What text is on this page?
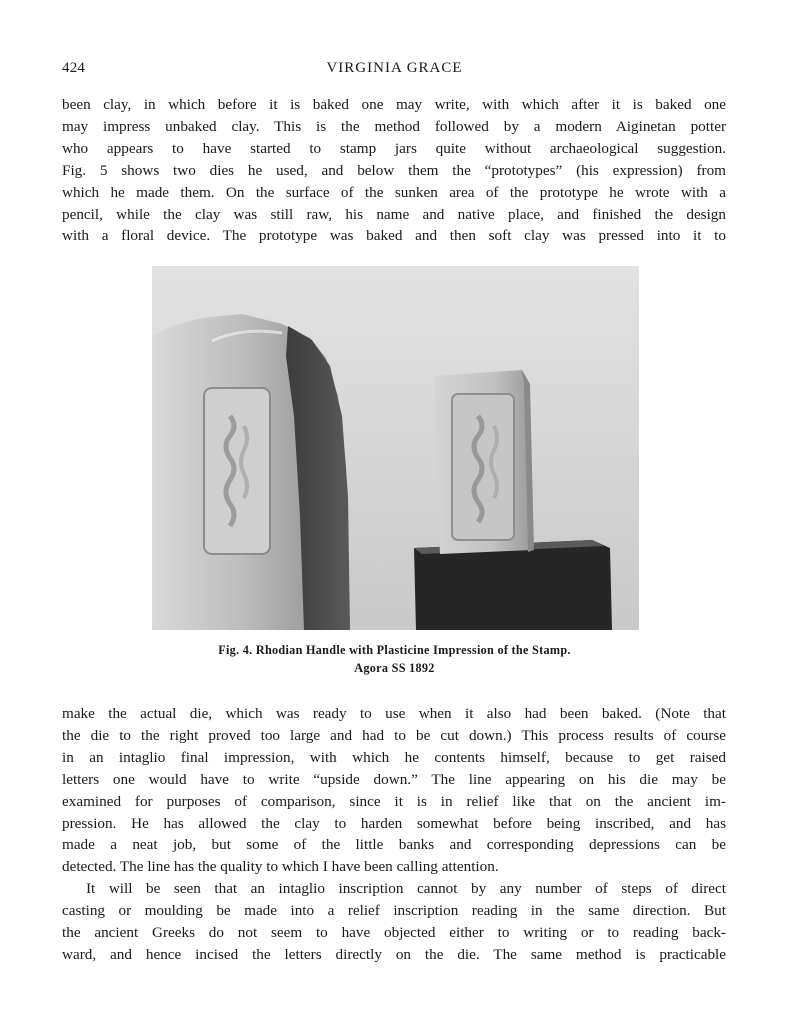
424	VIRGINIA GRACE
been clay, in which before it is baked one may write, with which after it is baked one
may impress unbaked clay. This is the method followed by a modern Aiginetan potter
who appears to have started to stamp jars quite without archaeological suggestion.
Fig. 5 shows two dies he used, and below them the “prototypes” (his expression) from
which he made them. On the surface of the sunken area of the prototype he wrote with a
pencil, while the clay was still raw, his name and native place, and finished the design
with a floral device. The prototype was baked and then soft clay was pressed into it to
Fig. 4. Rhodian Handle with Plasticine Impression of the Stamp.
Agora SS 1892
make the actual die, which was ready to use when it also had been baked. (Note that
the die to the right proved too large and had to be cut down.) This process results of course
in an intaglio final impression, with which he contents himself, because to get raised
letters one would have to write “upside down.” The line appearing on his die may be
examined for purposes of comparison, since it is in relief like that on the ancient im-
pression. He has allowed the clay to harden somewhat before being inscribed, and has
made a neat job, but some of the little banks and corresponding depressions can be
detected. The line has the quality to which I have been calling attention.
It will be seen that an intaglio inscription cannot by any number of steps of direct
casting or moulding be made into a relief inscription reading in the same direction. But
the ancient Greeks do not seem to have objected either to writing or to reading back-
ward, and hence incised the letters directly on the die. The same method is practicable
